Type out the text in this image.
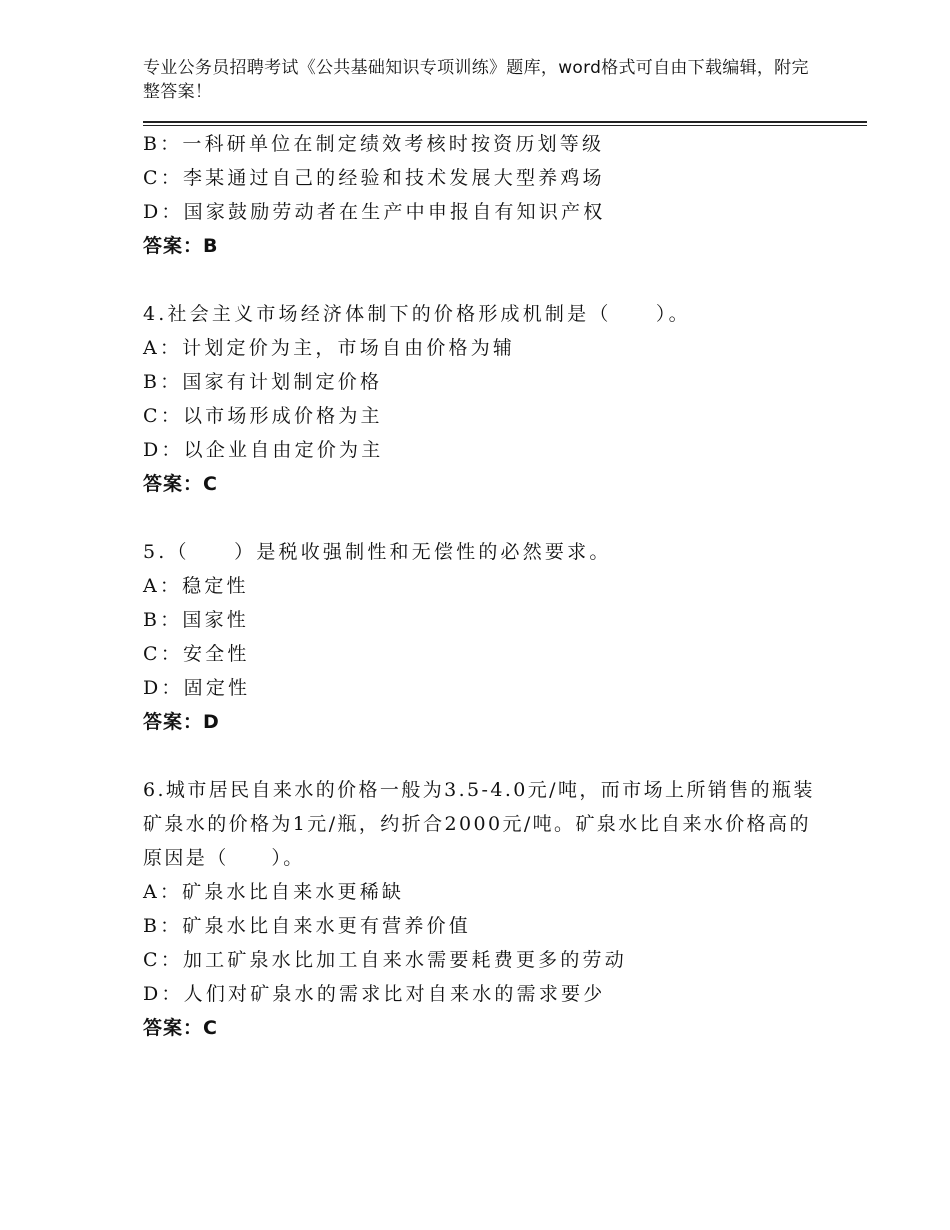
专业公务员招聘考试《公共基础知识专项训练》题库，word格式可自由下载编辑，附完整答案！
B：一科研单位在制定绩效考核时按资历划等级
C：李某通过自己的经验和技术发展大型养鸡场
D：国家鼓励劳动者在生产中申报自有知识产权
答案：B
4.社会主义市场经济体制下的价格形成机制是（　　）。
A：计划定价为主，市场自由价格为辅
B：国家有计划制定价格
C：以市场形成价格为主
D：以企业自由定价为主
答案：C
5.（　　）是税收强制性和无偿性的必然要求。
A：稳定性
B：国家性
C：安全性
D：固定性
答案：D
6.城市居民自来水的价格一般为3.5-4.0元/吨，而市场上所销售的瓶装矿泉水的价格为1元/瓶，约折合2000元/吨。矿泉水比自来水价格高的原因是（　　）。
A：矿泉水比自来水更稀缺
B：矿泉水比自来水更有营养价值
C：加工矿泉水比加工自来水需要耗费更多的劳动
D：人们对矿泉水的需求比对自来水的需求要少
答案：C
